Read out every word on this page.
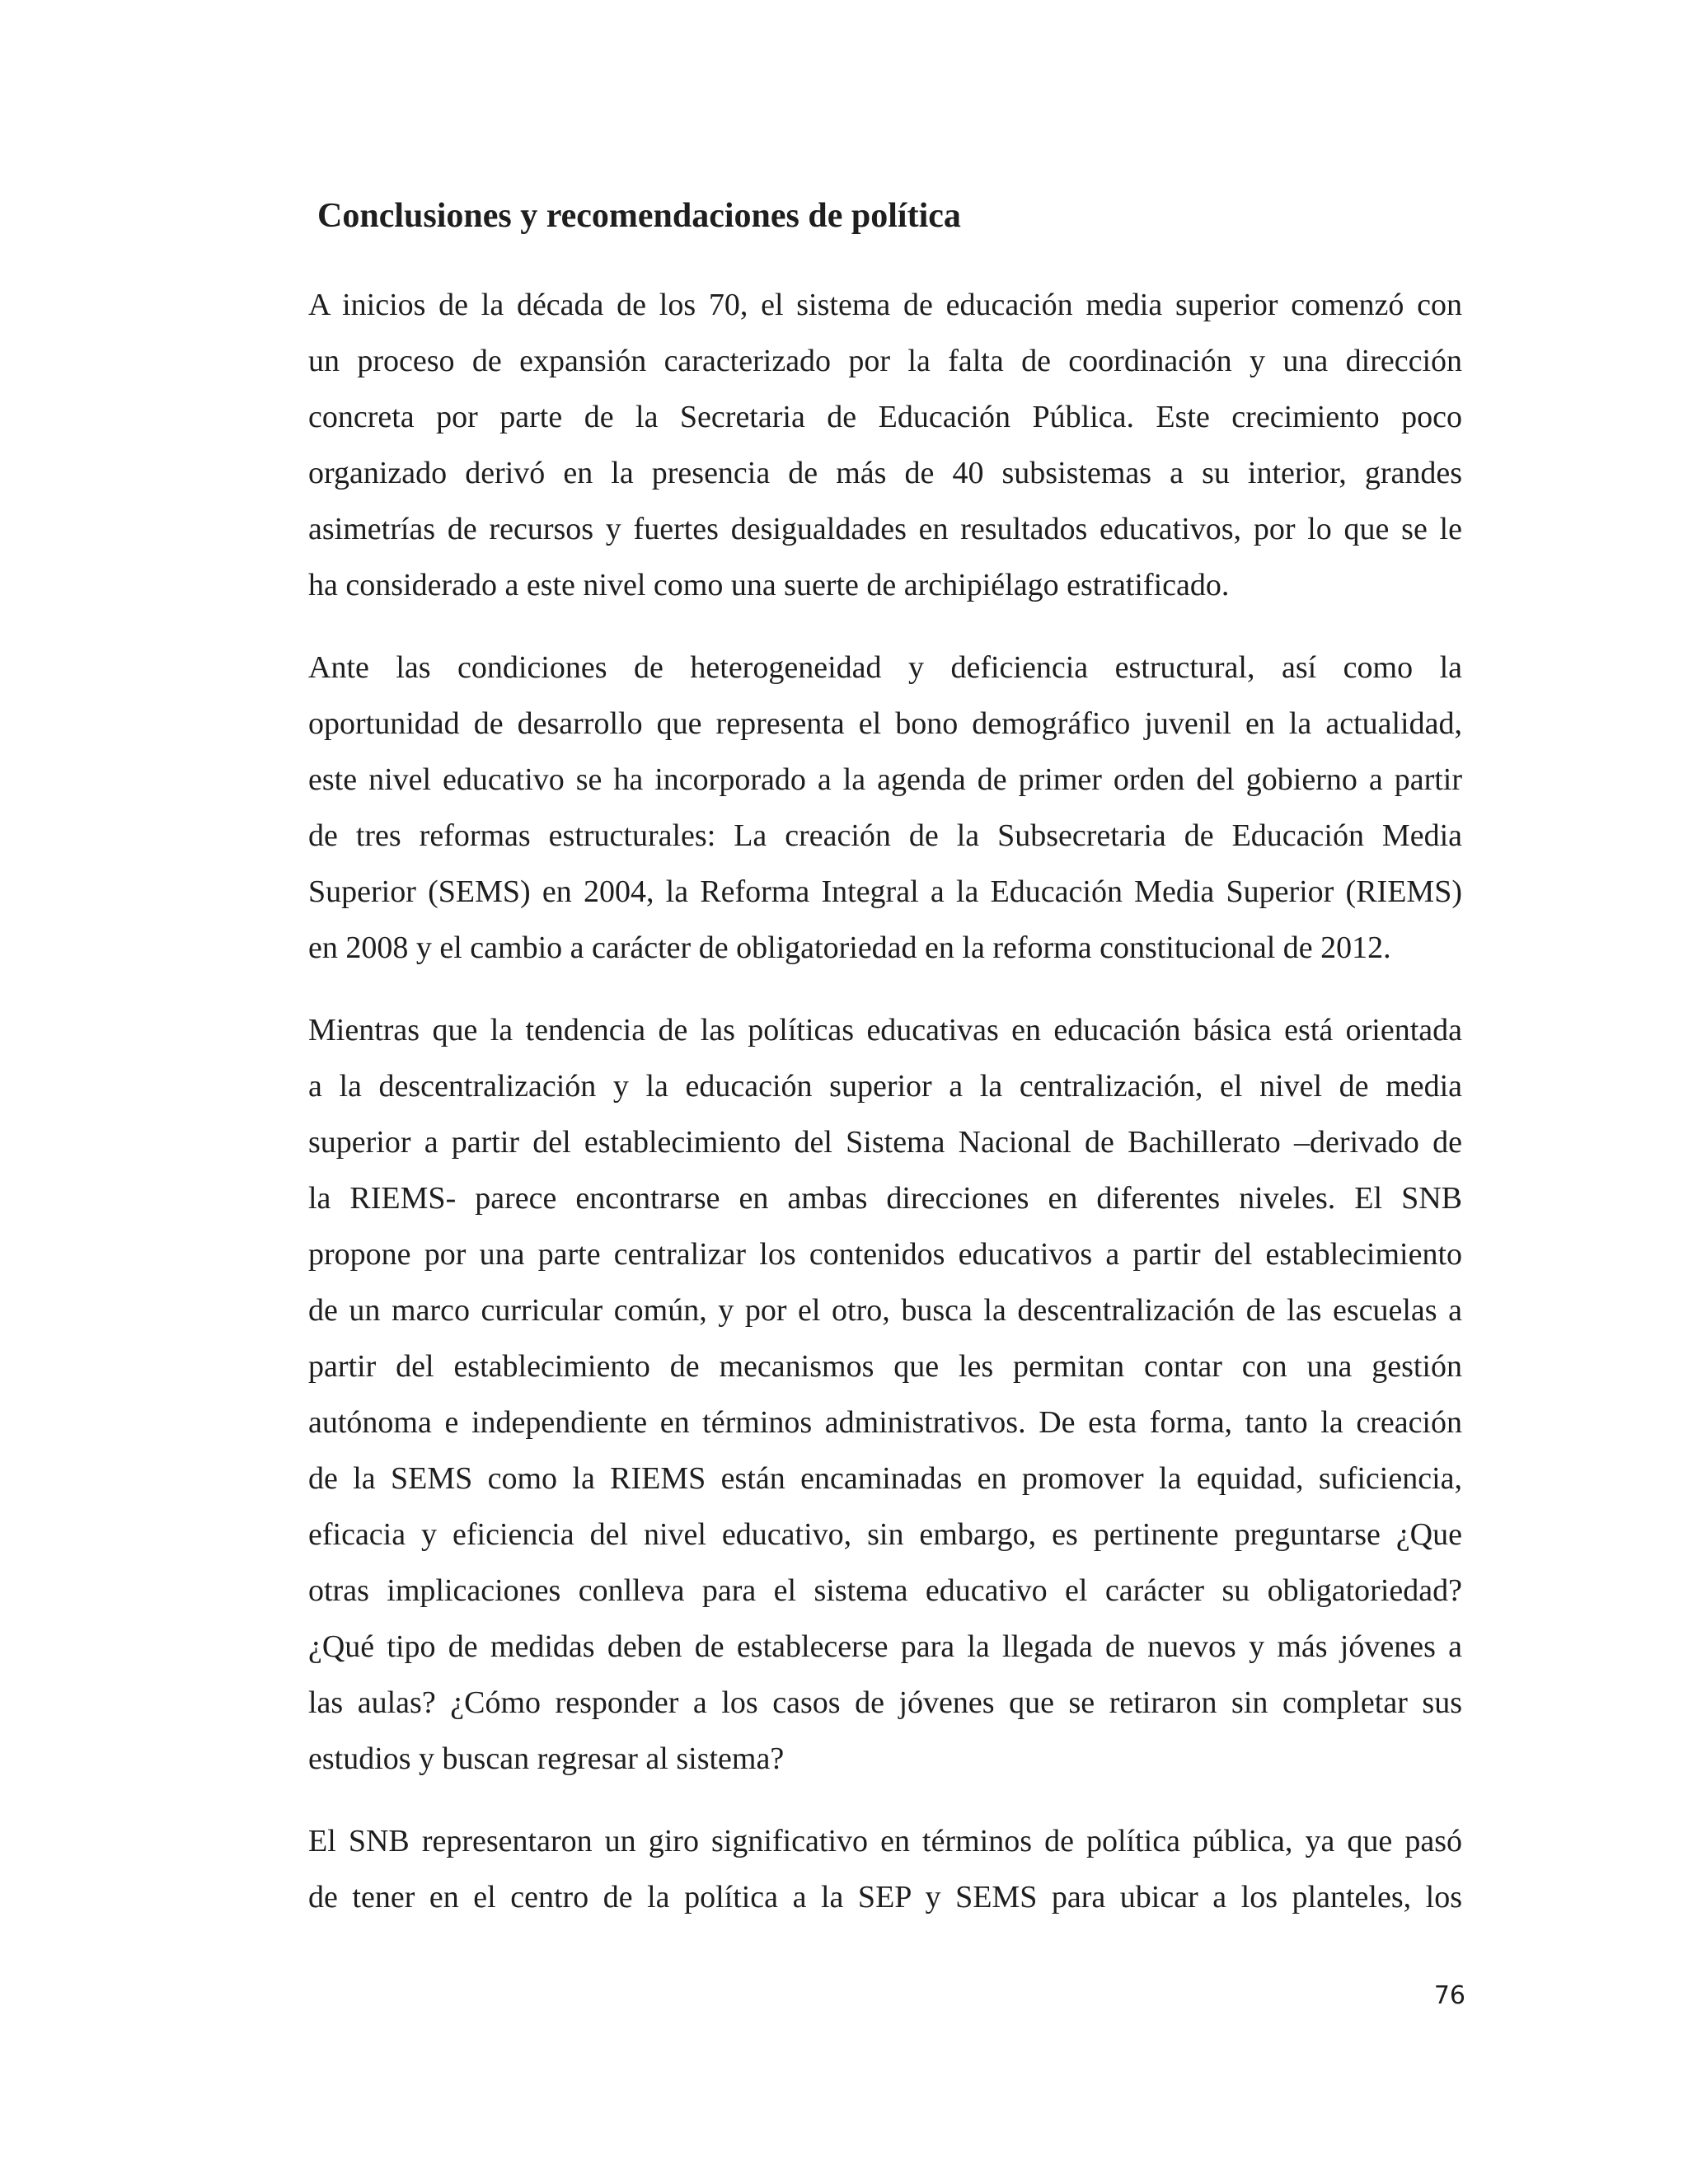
Conclusiones y recomendaciones de política
A inicios de la década de los 70, el sistema de educación media superior comenzó con
un proceso de expansión caracterizado por la falta de coordinación y una dirección
concreta por parte de la Secretaria de Educación Pública. Este crecimiento poco
organizado derivó en la presencia de más de 40 subsistemas a su interior, grandes
asimetrías de recursos y fuertes desigualdades en resultados educativos, por lo que se le
ha considerado a este nivel como una suerte de archipiélago estratificado.
Ante las condiciones de heterogeneidad y deficiencia estructural, así como la
oportunidad de desarrollo que representa el bono demográfico juvenil en la actualidad,
este nivel educativo se ha incorporado a la agenda de primer orden del gobierno a partir
de tres reformas estructurales: La creación de la Subsecretaria de Educación Media
Superior (SEMS) en 2004, la Reforma Integral a la Educación Media Superior (RIEMS)
en 2008 y el cambio a carácter de obligatoriedad en la reforma constitucional de 2012.
Mientras que la tendencia de las políticas educativas en educación básica está orientada
a la descentralización y la educación superior a la centralización, el nivel de media
superior a partir del establecimiento del Sistema Nacional de Bachillerato –derivado de
la RIEMS- parece encontrarse en ambas direcciones en diferentes niveles. El SNB
propone por una parte centralizar los contenidos educativos a partir del establecimiento
de un marco curricular común, y por el otro, busca la descentralización de las escuelas a
partir del establecimiento de mecanismos que les permitan contar con una gestión
autónoma e independiente en términos administrativos. De esta forma, tanto la creación
de la SEMS como la RIEMS están encaminadas en promover la equidad, suficiencia,
eficacia y eficiencia del nivel educativo, sin embargo, es pertinente preguntarse ¿Que
otras implicaciones conlleva para el sistema educativo el carácter su obligatoriedad?
¿Qué tipo de medidas deben de establecerse para la llegada de nuevos y más jóvenes a
las aulas? ¿Cómo responder a los casos de jóvenes que se retiraron sin completar sus
estudios y buscan regresar al sistema?
El SNB representaron un giro significativo en términos de política pública, ya que pasó
de tener en el centro de la política a la SEP y SEMS para ubicar a los planteles, los
76
